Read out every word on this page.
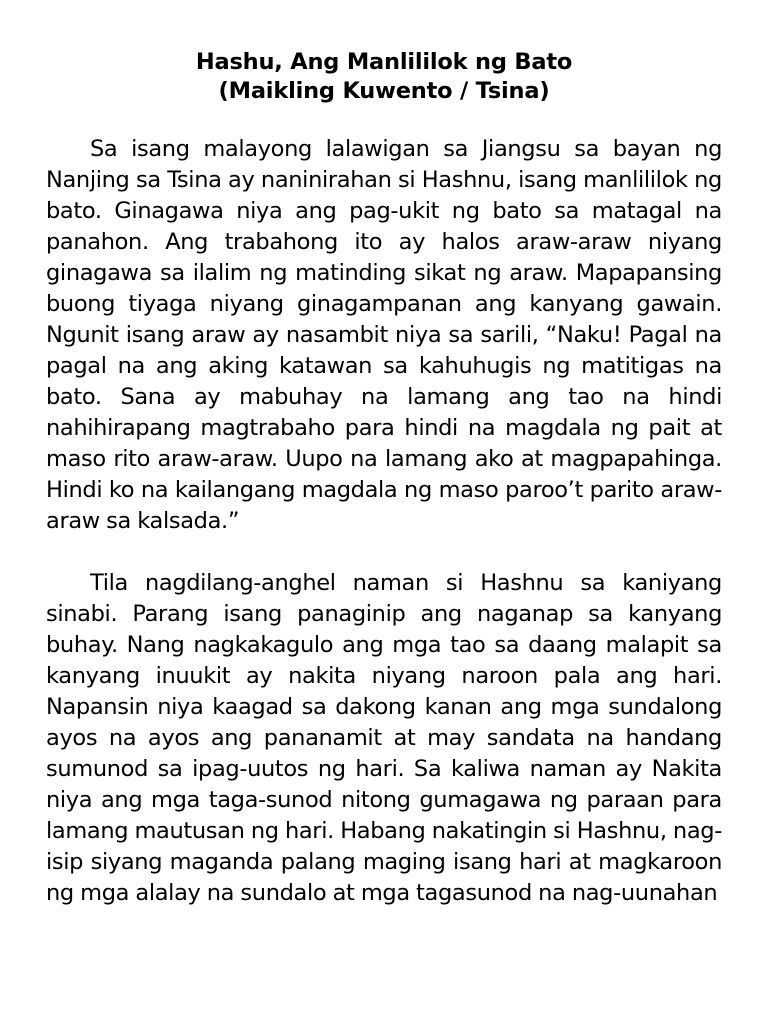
Hashu, Ang Manlililok ng Bato
(Maikling Kuwento / Tsina)

Sa isang malayong lalawigan sa Jiangsu sa bayan ng Nanjing sa Tsina ay naninirahan si Hashnu, isang manlililok ng bato. Ginagawa niya ang pag-ukit ng bato sa matagal na panahon. Ang trabahong ito ay halos araw-araw niyang ginagawa sa ilalim ng matinding sikat ng araw. Mapapansing buong tiyaga niyang ginagampanan ang kanyang gawain. Ngunit isang araw ay nasambit niya sa sarili, “Naku! Pagal na pagal na ang aking katawan sa kahuhugis ng matitigas na bato. Sana ay mabuhay na lamang ang tao na hindi nahihirapang magtrabaho para hindi na magdala ng pait at maso rito araw-araw. Uupo na lamang ako at magpapahinga. Hindi ko na kailangang magdala ng maso paroo’t parito araw-araw sa kalsada.”

Tila nagdilang-anghel naman si Hashnu sa kaniyang sinabi. Parang isang panaginip ang naganap sa kanyang buhay. Nang nagkakagulo ang mga tao sa daang malapit sa kanyang inuukit ay nakita niyang naroon pala ang hari. Napansin niya kaagad sa dakong kanan ang mga sundalong ayos na ayos ang pananamit at may sandata na handang sumunod sa ipag-uutos ng hari. Sa kaliwa naman ay Nakita niya ang mga taga-sunod nitong gumagawa ng paraan para lamang mautusan ng hari. Habang nakatingin si Hashnu, nag-isip siyang maganda palang maging isang hari at magkaroon ng mga alalay na sundalo at mga tagasunod na nag-uunahan
